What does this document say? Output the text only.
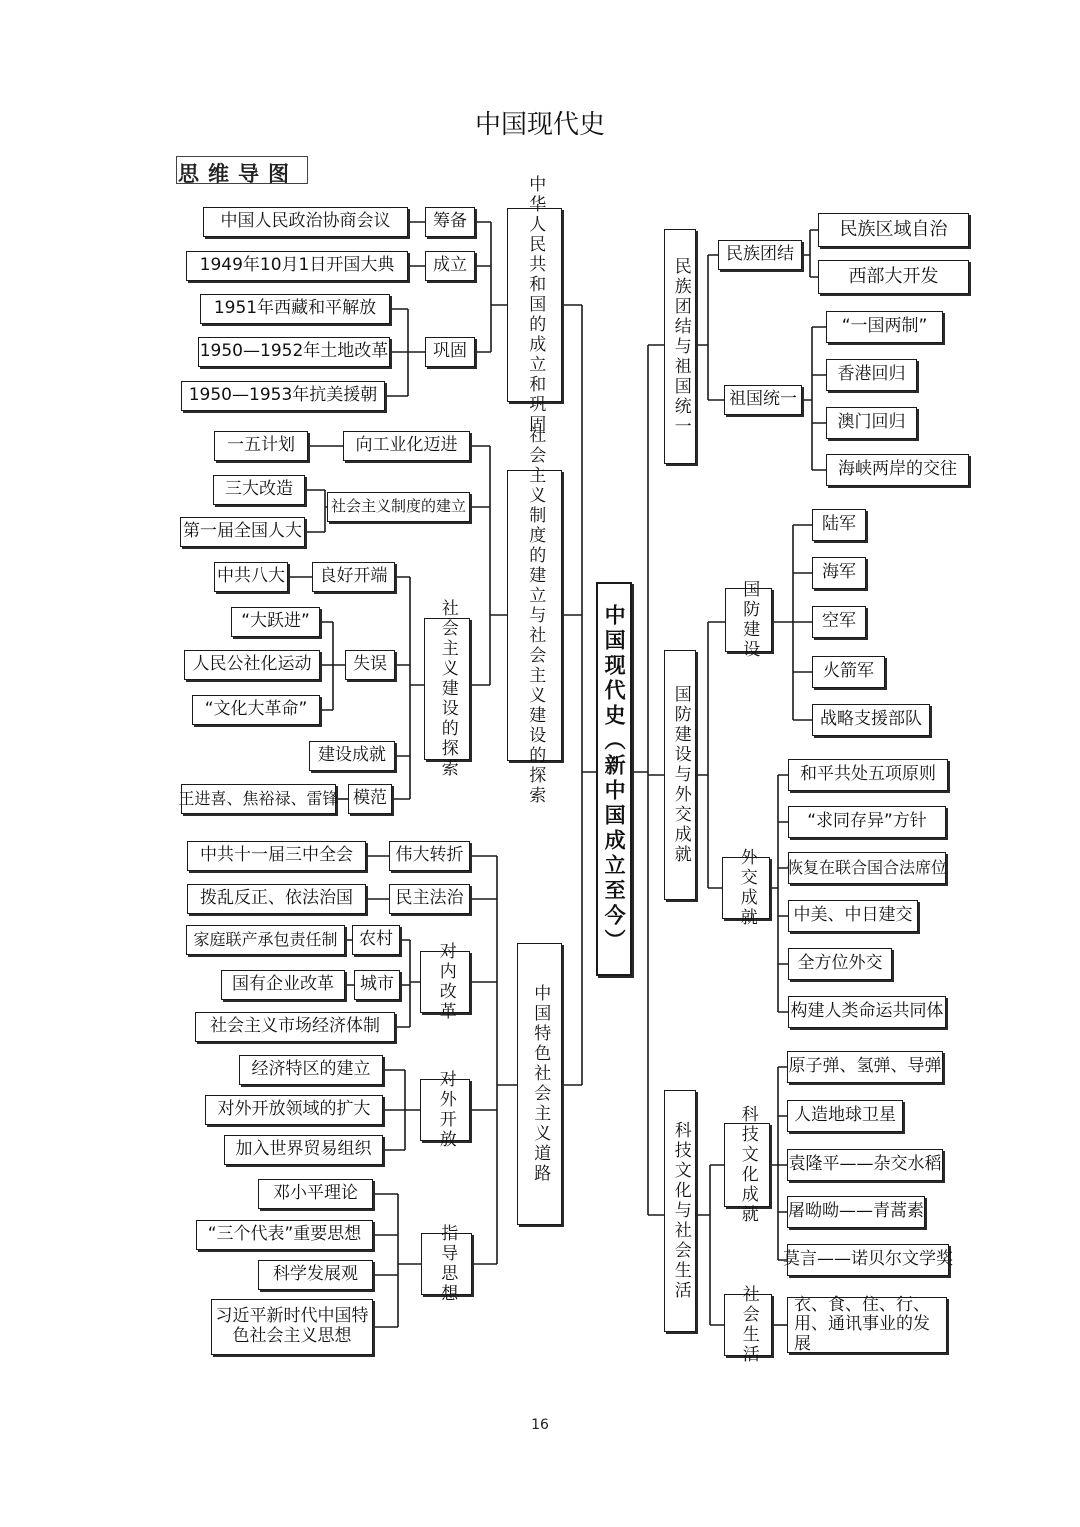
中国现代史
思维导图
中国现代史（新中国成立至今）
中华人民共和国的成立和巩固
筹备
中国人民政治协商会议
成立
1949年10月1日开国大典
巩固
1951年西藏和平解放
1950—1952年土地改革
1950—1953年抗美援朝
社会主义制度的建立与社会主义建设的探索
向工业化迈进
一五计划
社会主义制度的建立
三大改造
第一届全国人大
社会主义建设的探索
良好开端
中共八大
失误
“大跃进”
人民公社化运动
“文化大革命”
建设成就
模范
王进喜、焦裕禄、雷锋
中国特色社会主义道路
伟大转折
中共十一届三中全会
民主法治
拨乱反正、依法治国
对内改革
农村
家庭联产承包责任制
城市
国有企业改革
社会主义市场经济体制
对外开放
经济特区的建立
对外开放领域的扩大
加入世界贸易组织
指导思想
邓小平理论
“三个代表”重要思想
科学发展观
习近平新时代中国特色社会主义思想
民族团结与祖国统一
民族团结
民族区域自治
西部大开发
祖国统一
“一国两制”
香港回归
澳门回归
海峡两岸的交往
国防建设与外交成就
国防建设
陆军
海军
空军
火箭军
战略支援部队
外交成就
和平共处五项原则
“求同存异”方针
恢复在联合国合法席位
中美、中日建交
全方位外交
构建人类命运共同体
科技文化与社会生活	科技文化成就
原子弹、氢弹、导弹
人造地球卫星
袁隆平——杂交水稻
屠呦呦——青蒿素
莫言——诺贝尔文学奖
社会生活	衣、食、住、行、用、通讯事业的发展
16
